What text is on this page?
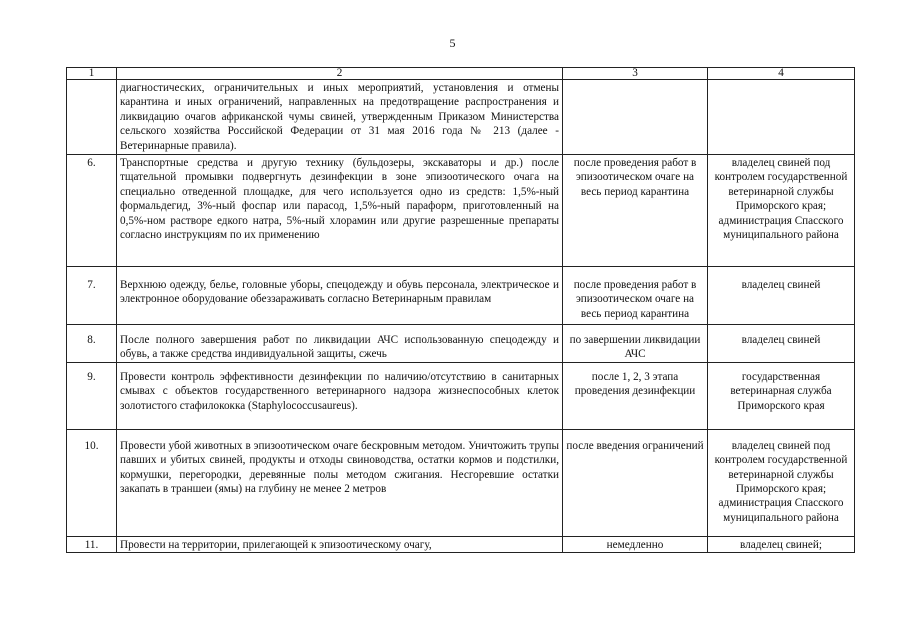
5
1	2	3	4
	диагностических, ограничительных и иных мероприятий, установления и отмены карантина и иных ограничений, направленных на предотвращение распространения и ликвидацию очагов африканской чумы свиней, утвержденным Приказом Министерства сельского хозяйства Российской Федерации от 31 мая 2016 года № 213 (далее - Ветеринарные правила).		
6.	Транспортные средства и другую технику (бульдозеры, экскаваторы и др.) после тщательной промывки подвергнуть дезинфекции в зоне эпизоотического очага на специально отведенной площадке, для чего используется одно из средств: 1,5%-ный формальдегид, 3%-ный фоспар или парасод, 1,5%-ный параформ, приготовленный на 0,5%-ном растворе едкого натра, 5%-ный хлорамин или другие разрешенные препараты согласно инструкциям по их применению	после проведения работ в эпизоотическом очаге на весь период карантина	владелец свиней под контролем государственной ветеринарной службы Приморского края; администрация Спасского муниципального района
7.	Верхнюю одежду, белье, головные уборы, спецодежду и обувь персонала, электрическое и электронное оборудование обеззараживать согласно Ветеринарным правилам	после проведения работ в эпизоотическом очаге на весь период карантина	владелец свиней
8.	После полного завершения работ по ликвидации АЧС использованную спецодежду и обувь, а также средства индивидуальной защиты, сжечь	по завершении ликвидации АЧС	владелец свиней
9.	Провести контроль эффективности дезинфекции по наличию/отсутствию в санитарных смывах с объектов государственного ветеринарного надзора жизнеспособных клеток золотистого стафилококка (Staphylococcusaureus).	после 1, 2, 3 этапа проведения дезинфекции	государственная ветеринарная служба Приморского края
10.	Провести убой животных в эпизоотическом очаге бескровным методом. Уничтожить трупы павших и убитых свиней, продукты и отходы свиноводства, остатки кормов и подстилки, кормушки, перегородки, деревянные полы методом сжигания. Несгоревшие остатки закапать в траншеи (ямы) на глубину не менее 2 метров	после введения ограничений	владелец свиней под контролем государственной ветеринарной службы Приморского края; администрация Спасского муниципального района
11.	Провести на территории, прилегающей к эпизоотическому очагу,	немедленно	владелец свиней;
